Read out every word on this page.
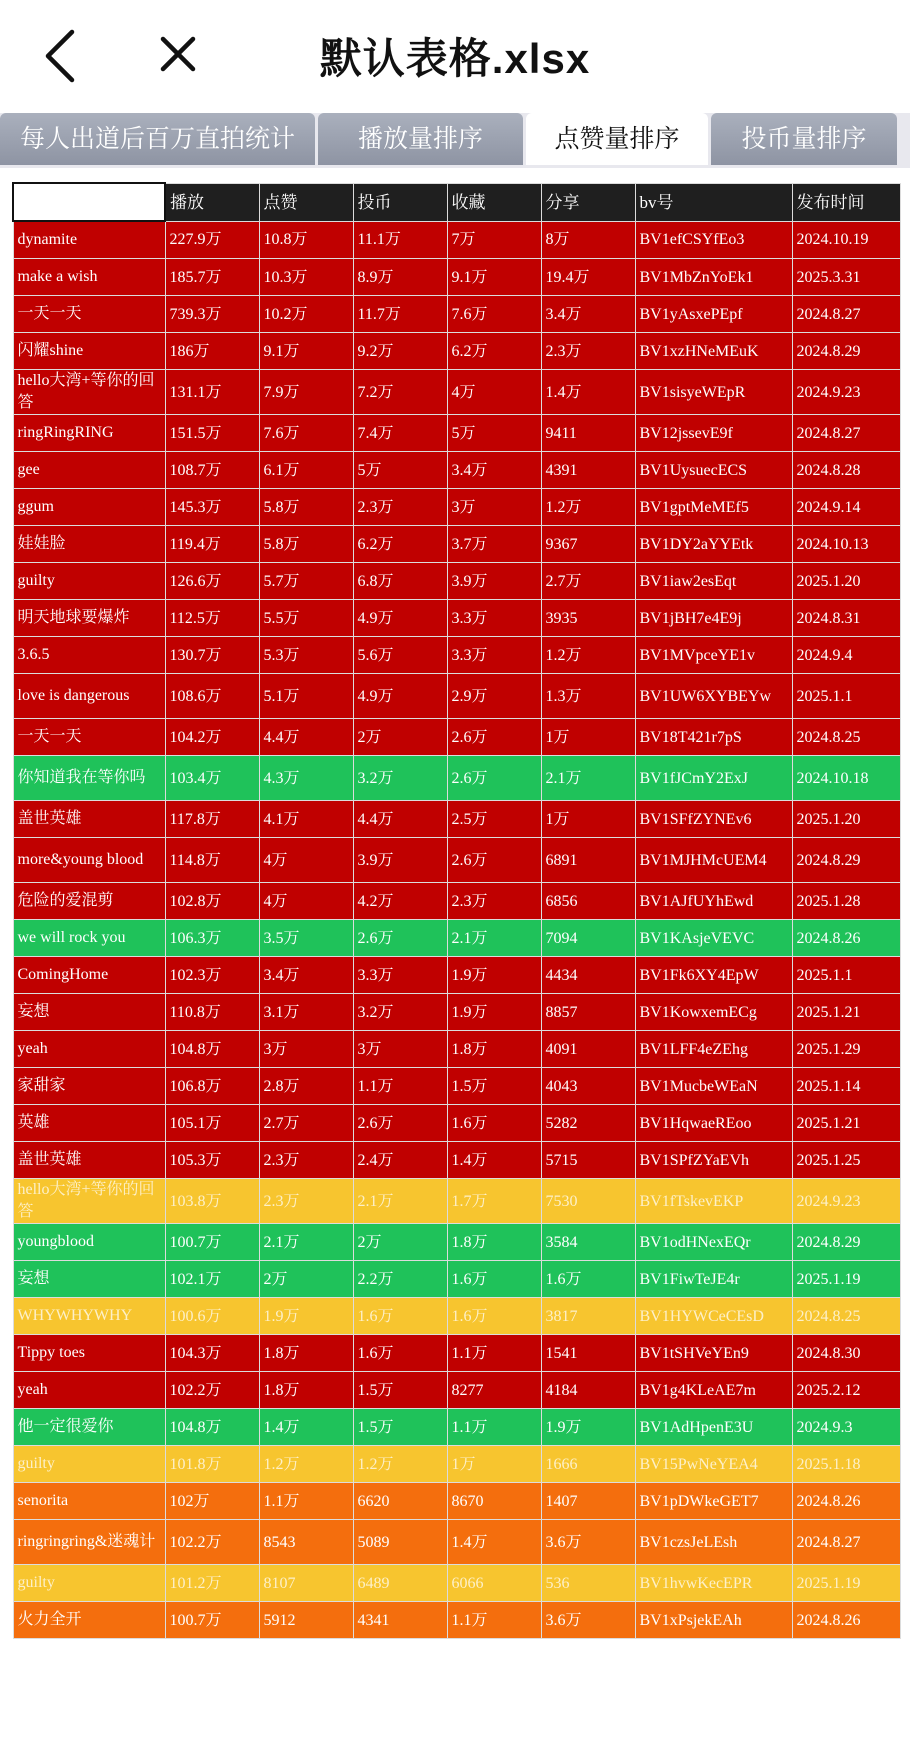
默认表格.xlsx
每人出道后百万直拍统计	播放量排序	点赞量排序	投币量排序
	播放	点赞	投币	收藏	分享	bv号	发布时间
dynamite	227.9万	10.8万	11.1万	7万	8万	BV1efCSYfEo3	2024.10.19
make a wish	185.7万	10.3万	8.9万	9.1万	19.4万	BV1MbZnYoEk1	2025.3.31
一天一天	739.3万	10.2万	11.7万	7.6万	3.4万	BV1yAsxePEpf	2024.8.27
闪耀shine	186万	9.1万	9.2万	6.2万	2.3万	BV1xzHNeMEuK	2024.8.29
hello大湾+等你的回答	131.1万	7.9万	7.2万	4万	1.4万	BV1sisyeWEpR	2024.9.23
ringRingRING	151.5万	7.6万	7.4万	5万	9411	BV12jssevE9f	2024.8.27
gee	108.7万	6.1万	5万	3.4万	4391	BV1UysuecECS	2024.8.28
ggum	145.3万	5.8万	2.3万	3万	1.2万	BV1gptMeMEf5	2024.9.14
娃娃脸	119.4万	5.8万	6.2万	3.7万	9367	BV1DY2aYYEtk	2024.10.13
guilty	126.6万	5.7万	6.8万	3.9万	2.7万	BV1iaw2esEqt	2025.1.20
明天地球要爆炸	112.5万	5.5万	4.9万	3.3万	3935	BV1jBH7e4E9j	2024.8.31
3.6.5	130.7万	5.3万	5.6万	3.3万	1.2万	BV1MVpceYE1v	2024.9.4
love is dangerous	108.6万	5.1万	4.9万	2.9万	1.3万	BV1UW6XYBEYw	2025.1.1
一天一天	104.2万	4.4万	2万	2.6万	1万	BV18T421r7pS	2024.8.25
你知道我在等你吗	103.4万	4.3万	3.2万	2.6万	2.1万	BV1fJCmY2ExJ	2024.10.18
盖世英雄	117.8万	4.1万	4.4万	2.5万	1万	BV1SFfZYNEv6	2025.1.20
more&young blood	114.8万	4万	3.9万	2.6万	6891	BV1MJHMcUEM4	2024.8.29
危险的爱混剪	102.8万	4万	4.2万	2.3万	6856	BV1AJfUYhEwd	2025.1.28
we will rock you	106.3万	3.5万	2.6万	2.1万	7094	BV1KAsjeVEVC	2024.8.26
ComingHome	102.3万	3.4万	3.3万	1.9万	4434	BV1Fk6XY4EpW	2025.1.1
妄想	110.8万	3.1万	3.2万	1.9万	8857	BV1KowxemECg	2025.1.21
yeah	104.8万	3万	3万	1.8万	4091	BV1LFF4eZEhg	2025.1.29
家甜家	106.8万	2.8万	1.1万	1.5万	4043	BV1MucbeWEaN	2025.1.14
英雄	105.1万	2.7万	2.6万	1.6万	5282	BV1HqwaeREoo	2025.1.21
盖世英雄	105.3万	2.3万	2.4万	1.4万	5715	BV1SPfZYaEVh	2025.1.25
hello大湾+等你的回答	103.8万	2.3万	2.1万	1.7万	7530	BV1fTskevEKP	2024.9.23
youngblood	100.7万	2.1万	2万	1.8万	3584	BV1odHNexEQr	2024.8.29
妄想	102.1万	2万	2.2万	1.6万	1.6万	BV1FiwTeJE4r	2025.1.19
WHYWHYWHY	100.6万	1.9万	1.6万	1.6万	3817	BV1HYWCeCEsD	2024.8.25
Tippy toes	104.3万	1.8万	1.6万	1.1万	1541	BV1tSHVeYEn9	2024.8.30
yeah	102.2万	1.8万	1.5万	8277	4184	BV1g4KLeAE7m	2025.2.12
他一定很爱你	104.8万	1.4万	1.5万	1.1万	1.9万	BV1AdHpenE3U	2024.9.3
guilty	101.8万	1.2万	1.2万	1万	1666	BV15PwNeYEA4	2025.1.18
senorita	102万	1.1万	6620	8670	1407	BV1pDWkeGET7	2024.8.26
ringringring&迷魂计	102.2万	8543	5089	1.4万	3.6万	BV1czsJeLEsh	2024.8.27
guilty	101.2万	8107	6489	6066	536	BV1hvwKecEPR	2025.1.19
火力全开	100.7万	5912	4341	1.1万	3.6万	BV1xPsjekEAh	2024.8.26
